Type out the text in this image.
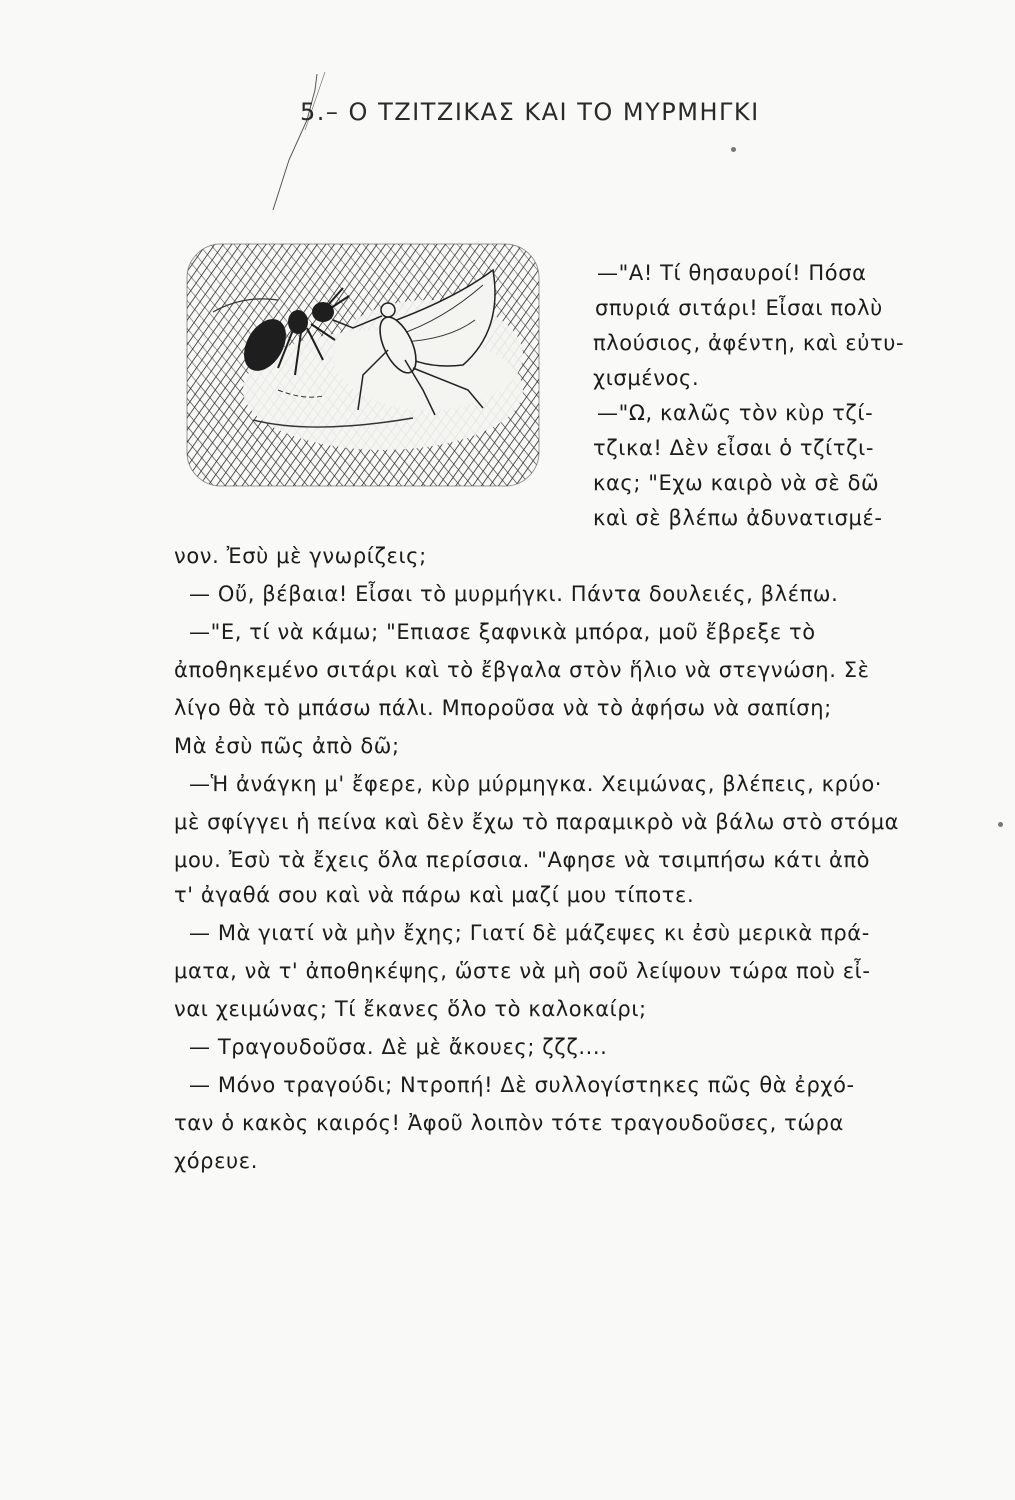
5.– Ο ΤΖΙΤΖΙΚΑΣ ΚΑΙ ΤΟ ΜΥΡΜΗΓΚΙ
—"Α! Τί θησαυροί! Πόσα
σπυριά σιτάρι! Εἶσαι πολὺ
πλούσιος, ἀφέντη, καὶ εὐτυ-
χισμένος.
—"Ω, καλῶς τὸν κὺρ τζί-
τζικα! Δὲν εἶσαι ὁ τζίτζι-
κας; "Εχω καιρὸ νὰ σὲ δῶ
καὶ σὲ βλέπω ἀδυνατισμέ-
νον. Ἐσὺ μὲ γνωρίζεις;
— Οὔ, βέβαια! Εἶσαι τὸ μυρμήγκι. Πάντα δουλειές, βλέπω.
—"Ε, τί νὰ κάμω; "Επιασε ξαφνικὰ μπόρα, μοῦ ἔβρεξε τὸ
ἀποθηκεμένο σιτάρι καὶ τὸ ἔβγαλα στὸν ἥλιο νὰ στεγνώση. Σὲ
λίγο θὰ τὸ μπάσω πάλι. Μποροῦσα νὰ τὸ ἀφήσω νὰ σαπίση;
Μὰ ἐσὺ πῶς ἀπὸ δῶ;
—Ἡ ἀνάγκη μ' ἔφερε, κὺρ μύρμηγκα. Χειμώνας, βλέπεις, κρύο·
μὲ σφίγγει ἡ πείνα καὶ δὲν ἔχω τὸ παραμικρὸ νὰ βάλω στὸ στόμα
μου. Ἐσὺ τὰ ἔχεις ὅλα περίσσια. "Αφησε νὰ τσιμπήσω κάτι ἀπὸ
τ' ἀγαθά σου καὶ νὰ πάρω καὶ μαζί μου τίποτε.
— Μὰ γιατί νὰ μὴν ἔχης; Γιατί δὲ μάζεψες κι ἐσὺ μερικὰ πρά-
ματα, νὰ τ' ἀποθηκέψης, ὥστε νὰ μὴ σοῦ λείψουν τώρα ποὺ εἶ-
ναι χειμώνας; Τί ἔκανες ὅλο τὸ καλοκαίρι;
— Τραγουδοῦσα. Δὲ μὲ ἄκουες; ζζζ....
— Μόνο τραγούδι; Ντροπή! Δὲ συλλογίστηκες πῶς θὰ ἐρχό-
ταν ὁ κακὸς καιρός! Ἀφοῦ λοιπὸν τότε τραγουδοῦσες, τώρα
χόρευε.
